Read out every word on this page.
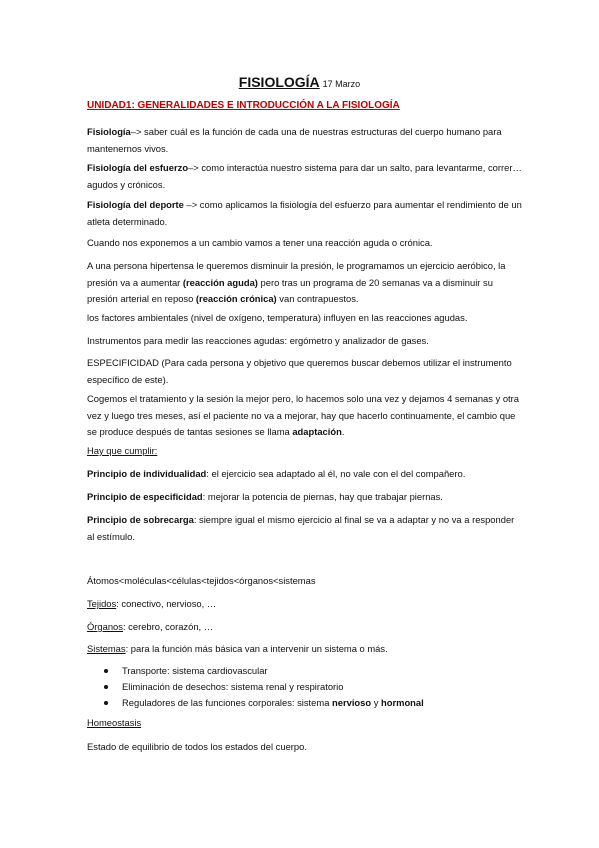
FISIOLOGÍA 17 Marzo
UNIDAD1: GENERALIDADES E INTRODUCCIÓN A LA FISIOLOGÍA
Fisiología–> saber cuál es la función de cada una de nuestras estructuras del cuerpo humano para mantenernos vivos.
Fisiología del esfuerzo–> como interactúa nuestro sistema para dar un salto, para levantarme, correr… agudos y crónicos.
Fisiología del deporte –> como aplicamos la fisiología del esfuerzo para aumentar el rendimiento de un atleta determinado.
Cuando nos exponemos a un cambio vamos a tener una reacción aguda o crónica.
A una persona hipertensa le queremos disminuir la presión, le programamos un ejercicio aeróbico, la presión va a aumentar (reacción aguda) pero tras un programa de 20 semanas va a disminuir su presión arterial en reposo (reacción crónica) van contrapuestos.
los factores ambientales (nivel de oxígeno, temperatura) influyen en las reacciones agudas.
Instrumentos para medir las reacciones agudas: ergómetro y analizador de gases.
ESPECIFICIDAD (Para cada persona y objetivo que queremos buscar debemos utilizar el instrumento específico de este).
Cogemos el tratamiento y la sesión la mejor pero, lo hacemos solo una vez y dejamos 4 semanas y otra vez y luego tres meses, así el paciente no va a mejorar, hay que hacerlo continuamente, el cambio que se produce después de tantas sesiones se llama adaptación.
Hay que cumplir:
Principio de individualidad: el ejercicio sea adaptado al él, no vale con el del compañero.
Principio de especificidad: mejorar la potencia de piernas, hay que trabajar piernas.
Principio de sobrecarga: siempre igual el mismo ejercicio al final se va a adaptar y no va a responder al estímulo.
Átomos<moléculas<células<tejidos<órganos<sistemas
Tejidos: conectivo, nervioso, …
Órganos: cerebro, corazón, …
Sistemas: para la función más básica van a intervenir un sistema o más.
Transporte: sistema cardiovascular
Eliminación de desechos: sistema renal y respiratorio
Reguladores de las funciones corporales: sistema nervioso y hormonal
Homeostasis
Estado de equilibrio de todos los estados del cuerpo.
